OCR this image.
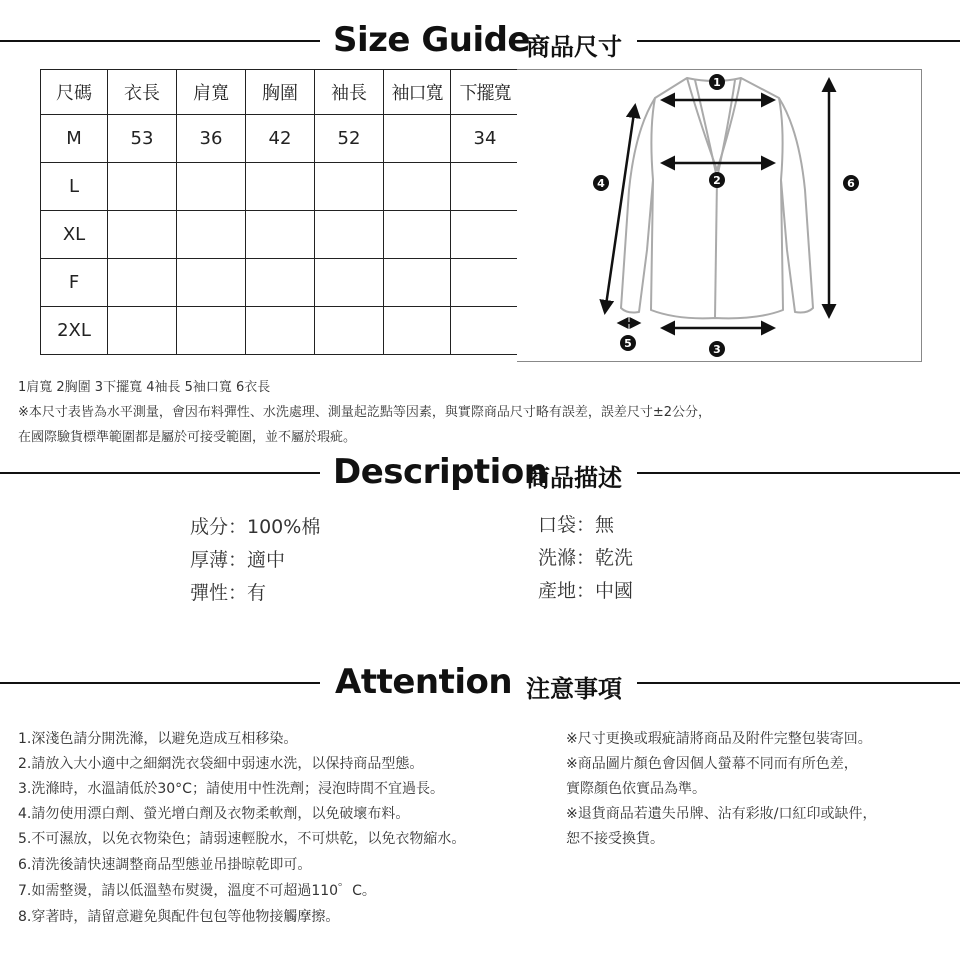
Size Guide
商品尺寸
尺碼	衣長	肩寬	胸圍	袖長	袖口寬	下擺寬
M	53	36	42	52		34
L						
XL						
F						
2XL						
1
2
3
4
5
6
1肩寬 2胸圍 3下擺寬 4袖長 5袖口寬 6衣長
※本尺寸表皆為水平測量，會因布料彈性、水洗處理、測量起訖點等因素，與實際商品尺寸略有誤差，誤差尺寸±2公分，
在國際驗貨標準範圍都是屬於可接受範圍，並不屬於瑕疵。
Description
商品描述
成分：100%棉
厚薄：適中
彈性：有
口袋：無
洗滌：乾洗
產地：中國
Attention 注意事項
1.深淺色請分開洗滌，以避免造成互相移染。
2.請放入大小適中之細網洗衣袋細中弱速水洗，以保持商品型態。
3.洗滌時，水溫請低於30°C；請使用中性洗劑；浸泡時間不宜過長。
4.請勿使用漂白劑、螢光增白劑及衣物柔軟劑，以免破壞布料。
5.不可濕放，以免衣物染色；請弱速輕脫水，不可烘乾，以免衣物縮水。
6.清洗後請快速調整商品型態並吊掛晾乾即可。
7.如需整燙，請以低溫墊布熨燙，溫度不可超過110゜C。
8.穿著時，請留意避免與配件包包等他物接觸摩擦。
※尺寸更換或瑕疵請將商品及附件完整包裝寄回。
※商品圖片顏色會因個人螢幕不同而有所色差，
實際顏色依實品為準。
※退貨商品若遺失吊牌、沾有彩妝/口紅印或缺件，
恕不接受換貨。
